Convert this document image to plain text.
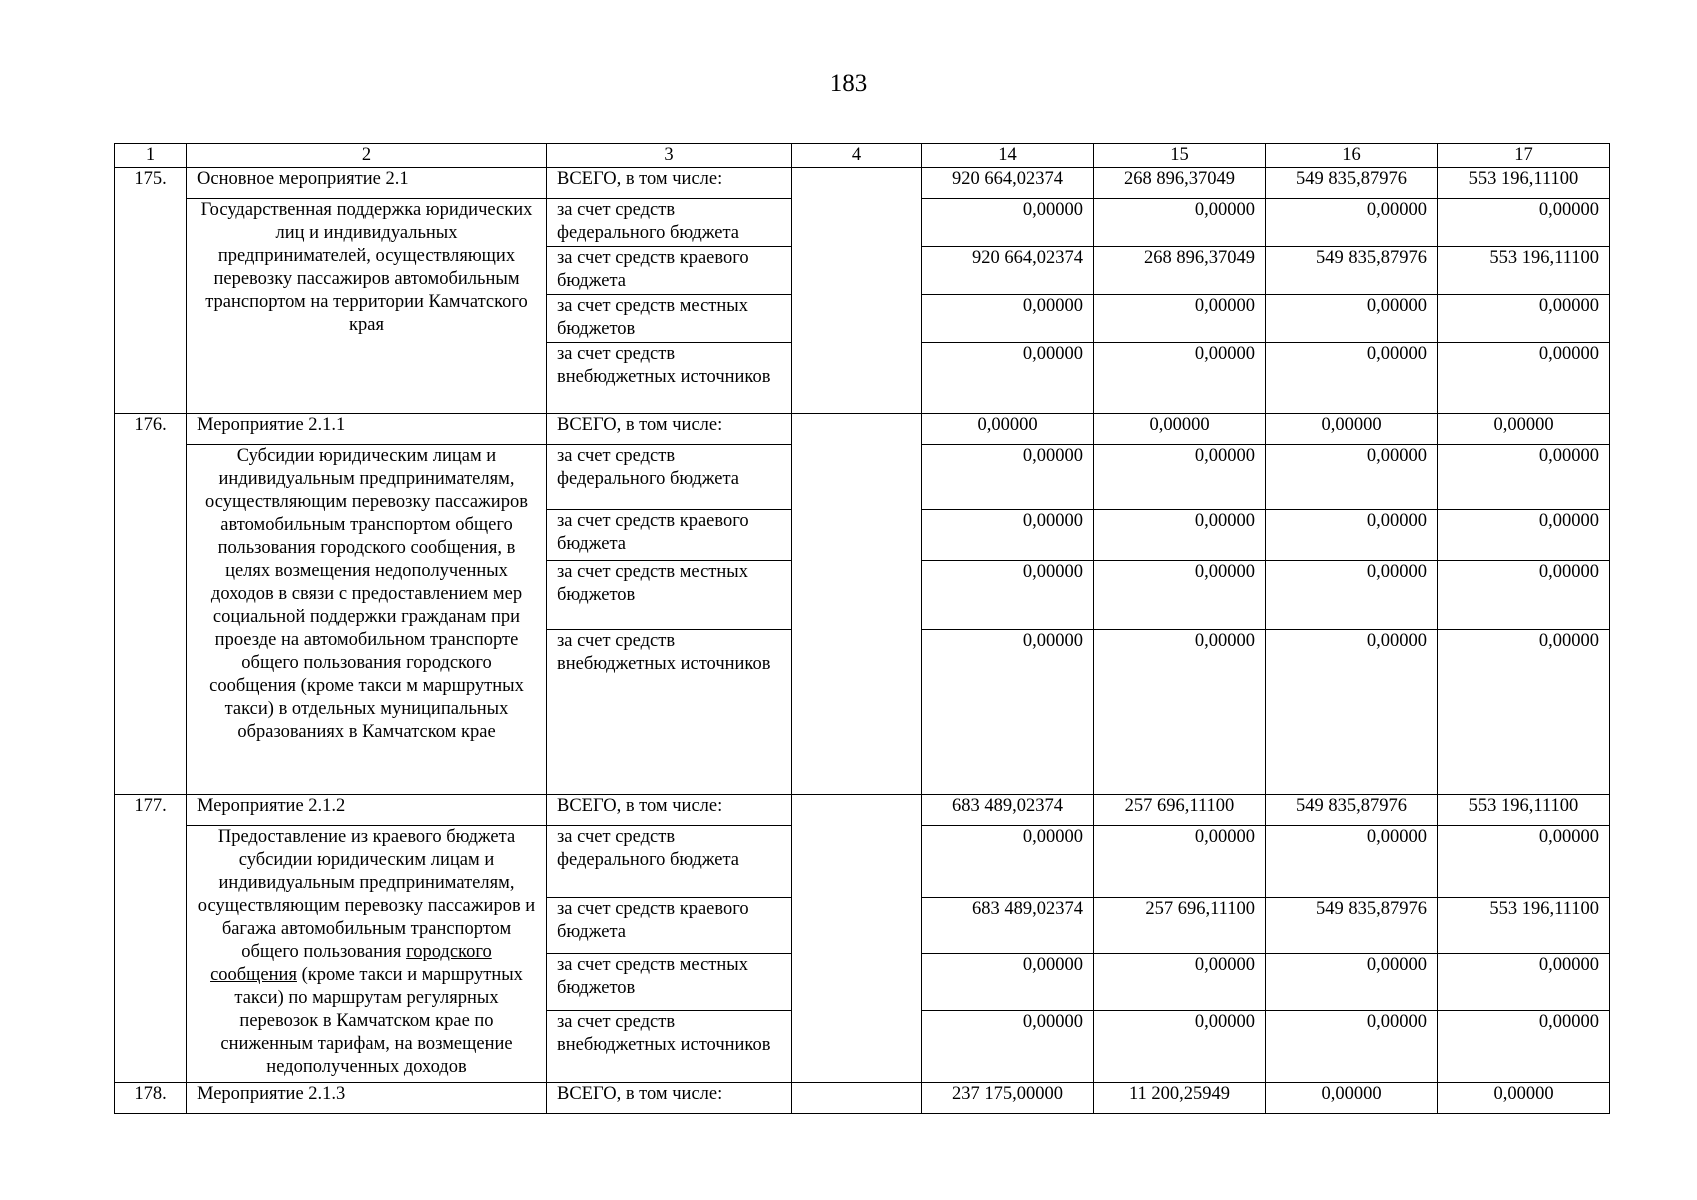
183
1	2	3	4	14	15	16	17
175.	Основное мероприятие 2.1	ВСЕГО, в том числе:		920 664,02374	268 896,37049	549 835,87976	553 196,11100
	Государственная поддержка юридических лиц и индивидуальных предпринимателей, осуществляющих перевозку пассажиров автомобильным транспортом на территории Камчатского края	за счет средств федерального бюджета		0,00000	0,00000	0,00000	0,00000
		за счет средств краевого бюджета		920 664,02374	268 896,37049	549 835,87976	553 196,11100
		за счет средств местных бюджетов		0,00000	0,00000	0,00000	0,00000
		за счет средств внебюджетных источников		0,00000	0,00000	0,00000	0,00000
176.	Мероприятие 2.1.1	ВСЕГО, в том числе:		0,00000	0,00000	0,00000	0,00000
	Субсидии юридическим лицам и индивидуальным предпринимателям, осуществляющим перевозку пассажиров автомобильным транспортом общего пользования городского сообщения, в целях возмещения недополученных доходов в связи с предоставлением мер социальной поддержки гражданам при проезде на автомобильном транспорте общего пользования городского сообщения (кроме такси м маршрутных такси) в отдельных муниципальных образованиях в Камчатском крае	за счет средств федерального бюджета		0,00000	0,00000	0,00000	0,00000
		за счет средств краевого бюджета		0,00000	0,00000	0,00000	0,00000
		за счет средств местных бюджетов		0,00000	0,00000	0,00000	0,00000
		за счет средств внебюджетных источников		0,00000	0,00000	0,00000	0,00000
177.	Мероприятие 2.1.2	ВСЕГО, в том числе:		683 489,02374	257 696,11100	549 835,87976	553 196,11100
	Предоставление из краевого бюджета субсидии юридическим лицам и индивидуальным предпринимателям, осуществляющим перевозку пассажиров и багажа автомобильным транспортом общего пользования городского сообщения (кроме такси и маршрутных такси) по маршрутам регулярных перевозок в Камчатском крае по сниженным тарифам, на возмещение недополученных доходов	за счет средств федерального бюджета		0,00000	0,00000	0,00000	0,00000
		за счет средств краевого бюджета		683 489,02374	257 696,11100	549 835,87976	553 196,11100
		за счет средств местных бюджетов		0,00000	0,00000	0,00000	0,00000
		за счет средств внебюджетных источников		0,00000	0,00000	0,00000	0,00000
178.	Мероприятие 2.1.3	ВСЕГО, в том числе:		237 175,00000	11 200,25949	0,00000	0,00000
